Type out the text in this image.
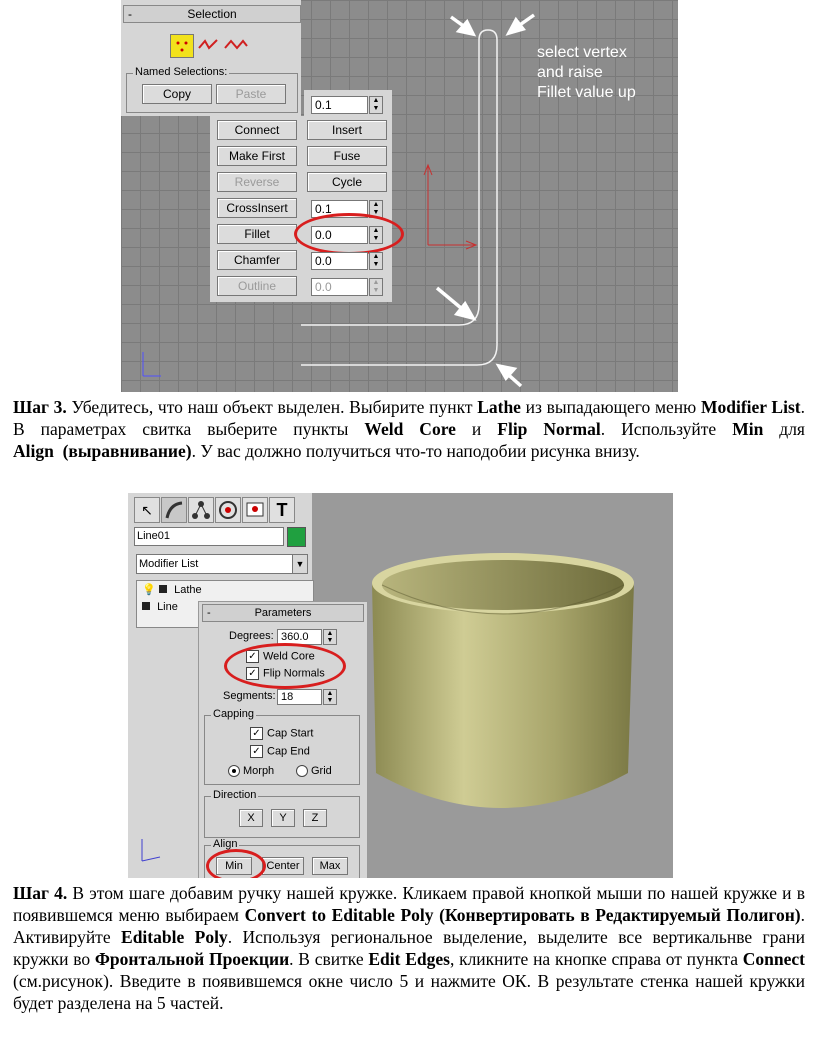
-	Selection
Named Selections:
Copy	Paste
0.1	▲
▼
Connect	Insert
Make First	Fuse
Reverse	Cycle
CrossInsert	0.1	▲
▼
Fillet	0.0	▲
▼
Chamfer	0.0	▲
▼
Outline	0.0	▲
▼
select vertex
and raise
Fillet value up
Шаг 3. Убедитесь, что наш объект выделен. Выбирите пункт Lathe из выпадающего меню Modifier List. В параметрах свитка выберите пункты Weld Core и Flip Normal. Используйте Min для Align (выравнивание). У вас должно получиться что-то наподобии рисунка внизу.
↖	T
Line01
Modifier List	▼
💡 Lathe
Line	-	Parameters
Degrees: 360.0	▲
▼
✓ Weld Core
✓ Flip Normals
Segments: 18	▲
▼
Capping
✓ Cap Start
✓ Cap End
Morph	Grid
Direction
X	Y	Z
Align
Min	Center	Max
Шаг 4. В этом шаге добавим ручку нашей кружке. Кликаем правой кнопкой мыши по нашей кружке и в появившемся меню выбираем Convert to Editable Poly (Конвертировать в Редактируемый Полигон). Активируйте Editable Poly. Используя региональное выделение, выделите все вертикальнве грани кружки во Фронтальной Проекции. В свитке Edit Edges, кликните на кнопке справа от пункта Connect (см.рисунок). Введите в появившемся окне число 5 и нажмите ОК. В результате стенка нашей кружки будет разделена на 5 частей.
